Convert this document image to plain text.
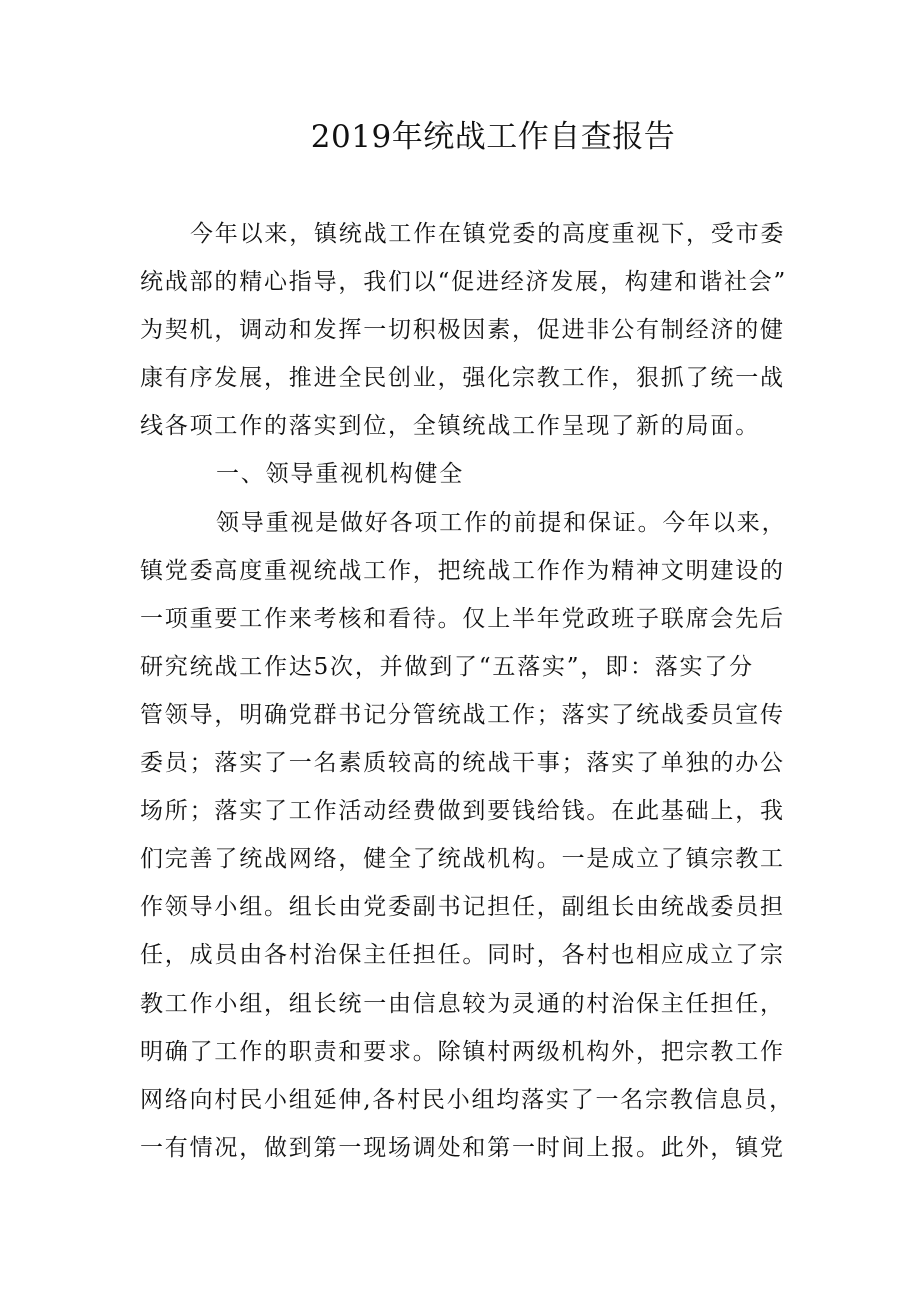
2019年统战工作自查报告
今年以来，镇统战工作在镇党委的高度重视下，受市委
统战部的精心指导，我们以“促进经济发展，构建和谐社会”
为契机，调动和发挥一切积极因素，促进非公有制经济的健
康有序发展，推进全民创业，强化宗教工作，狠抓了统一战
线各项工作的落实到位，全镇统战工作呈现了新的局面。
一、领导重视机构健全
领导重视是做好各项工作的前提和保证。今年以来，
镇党委高度重视统战工作，把统战工作作为精神文明建设的
一项重要工作来考核和看待。仅上半年党政班子联席会先后
研究统战工作达5次，并做到了“五落实”，即：落实了分
管领导，明确党群书记分管统战工作；落实了统战委员宣传
委员；落实了一名素质较高的统战干事；落实了单独的办公
场所；落实了工作活动经费做到要钱给钱。在此基础上，我
们完善了统战网络，健全了统战机构。一是成立了镇宗教工
作领导小组。组长由党委副书记担任，副组长由统战委员担
任，成员由各村治保主任担任。同时，各村也相应成立了宗
教工作小组，组长统一由信息较为灵通的村治保主任担任，
明确了工作的职责和要求。除镇村两级机构外，把宗教工作
网络向村民小组延伸,各村民小组均落实了一名宗教信息员，
一有情况，做到第一现场调处和第一时间上报。此外，镇党
